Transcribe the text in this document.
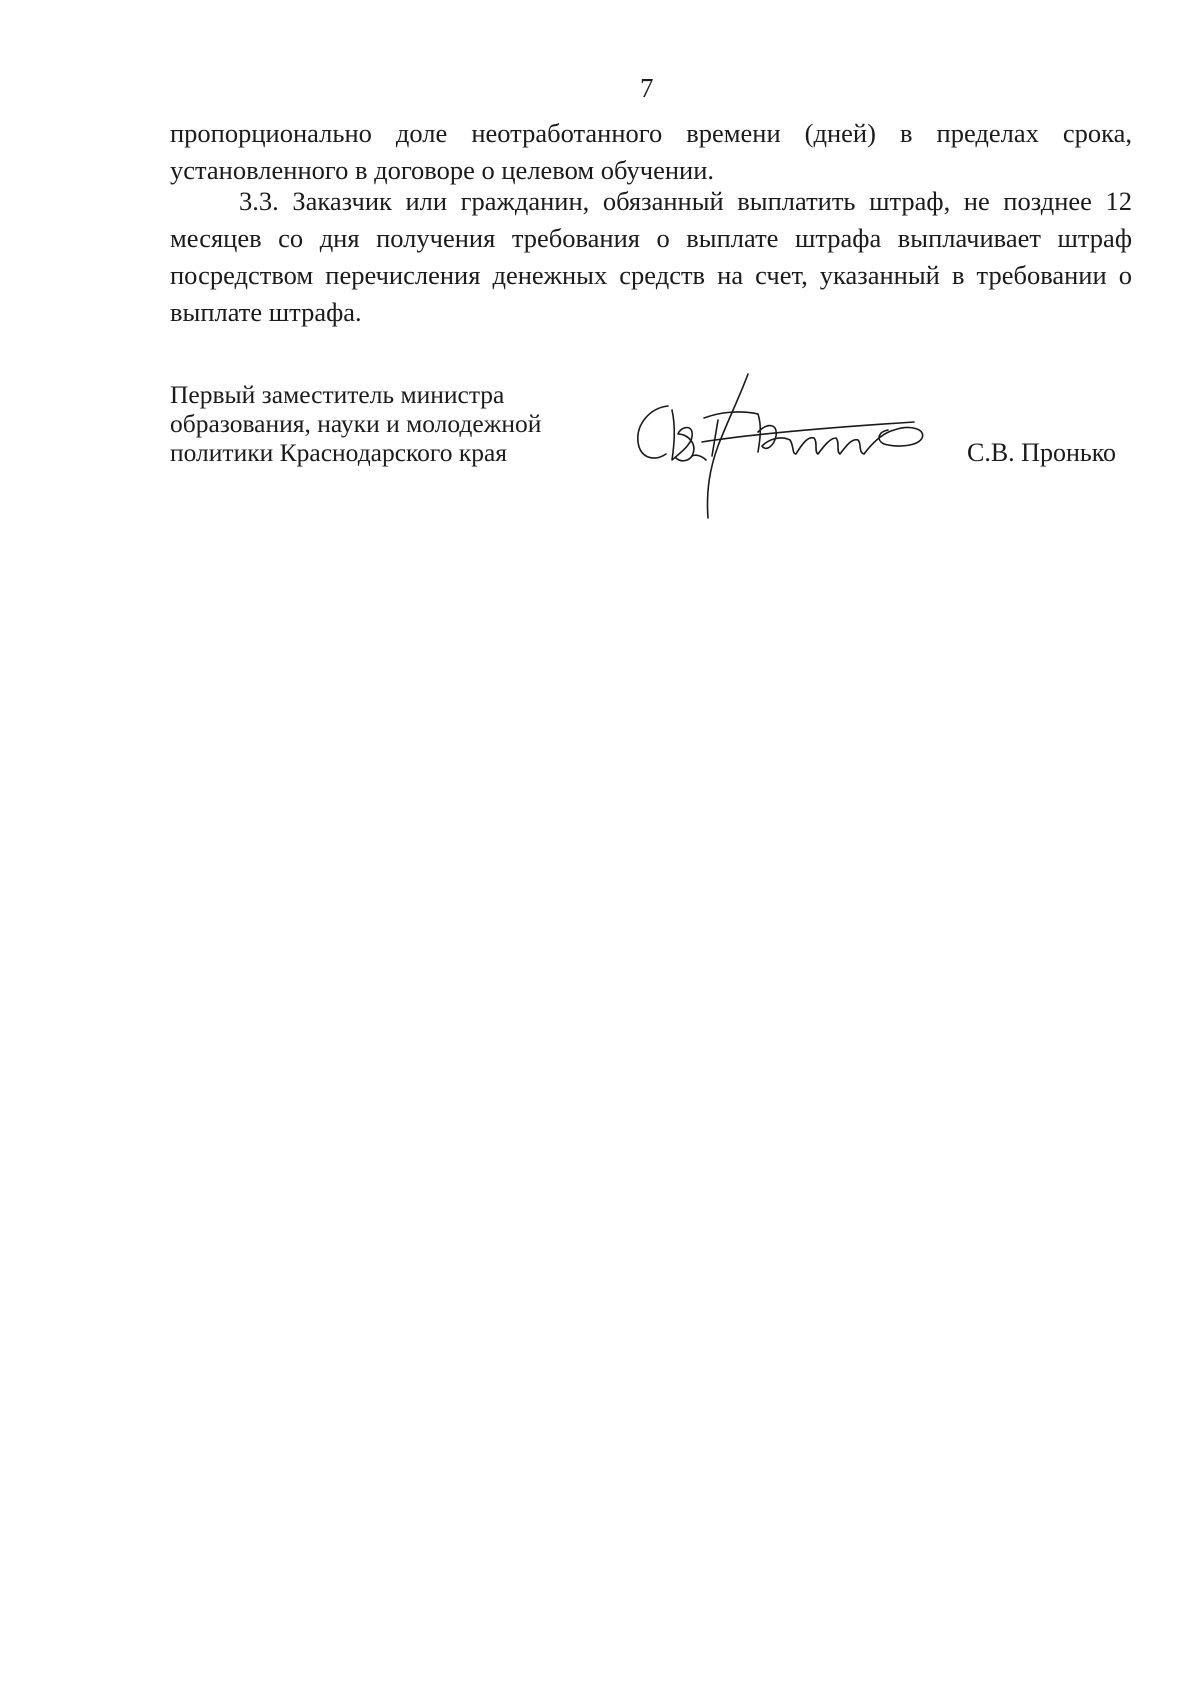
7

пропорционально доле неотработанного времени (дней) в пределах срока, установленного в договоре о целевом обучении.

3.3. Заказчик или гражданин, обязанный выплатить штраф, не позднее 12 месяцев со дня получения требования о выплате штрафа выплачивает штраф посредством перечисления денежных средств на счет, указанный в требовании о выплате штрафа.

Первый заместитель министра
образования, науки и молодежной
политики Краснодарского края	С.В. Пронько
